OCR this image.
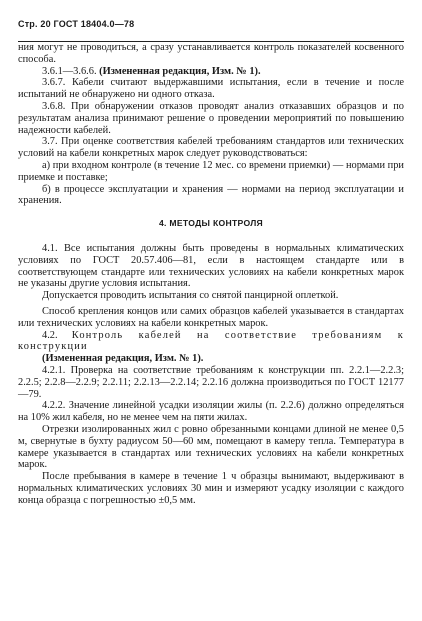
Стр. 20 ГОСТ 18404.0—78

ния могут не проводиться, а сразу устанавливается контроль показателей косвенного способа.

3.6.1—3.6.6. (Измененная редакция, Изм. № 1).

3.6.7. Кабели считают выдержавшими испытания, если в течение и после испытаний не обнаружено ни одного отказа.

3.6.8. При обнаружении отказов проводят анализ отказавших образцов и по результатам анализа принимают решение о проведении мероприятий по повышению надежности кабелей.

3.7. При оценке соответствия кабелей требованиям стандартов или технических условий на кабели конкретных марок следует руководствоваться:

а) при входном контроле (в течение 12 мес. со времени приемки) — нормами при приемке и поставке;

б) в процессе эксплуатации и хранения — нормами на период эксплуатации и хранения.

4. МЕТОДЫ КОНТРОЛЯ

4.1. Все испытания должны быть проведены в нормальных климатических условиях по ГОСТ 20.57.406—81, если в настоящем стандарте или в соответствующем стандарте или технических условиях на кабели конкретных марок не указаны другие условия испытания.

Допускается проводить испытания со снятой панцирной оплеткой.

Способ крепления концов или самих образцов кабелей указывается в стандартах или технических условиях на кабели конкретных марок.

4.2. Контроль кабелей на соответствие требованиям к конструкции

(Измененная редакция, Изм. № 1).

4.2.1. Проверка на соответствие требованиям к конструкции пп. 2.2.1—2.2.3; 2.2.5; 2.2.8—2.2.9; 2.2.11; 2.2.13—2.2.14; 2.2.16 должна производиться по ГОСТ 12177—79.

4.2.2. Значение линейной усадки изоляции жилы (п. 2.2.6) должно определяться на 10% жил кабеля, но не менее чем на пяти жилах.

Отрезки изолированных жил с ровно обрезанными концами длиной не менее 0,5 м, свернутые в бухту радиусом 50—60 мм, помещают в камеру тепла. Температура в камере указывается в стандартах или технических условиях на кабели конкретных марок.

После пребывания в камере в течение 1 ч образцы вынимают, выдерживают в нормальных климатических условиях 30 мин и измеряют усадку изоляции с каждого конца образца с погрешностью ±0,5 мм.
